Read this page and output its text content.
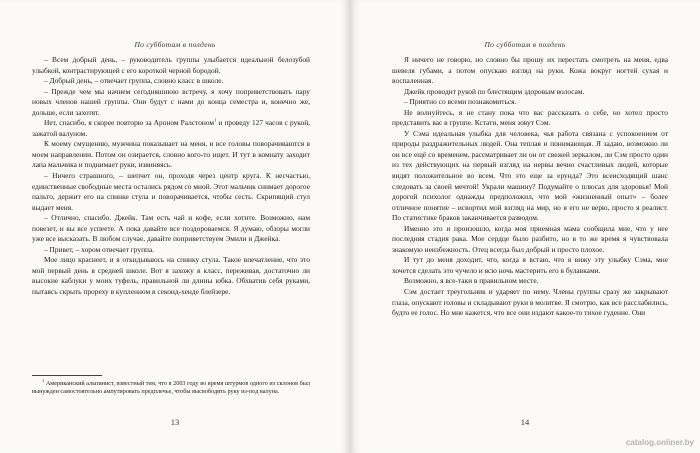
По субботам в полдень

– Всем добрый день, – руководитель группы улыбается идеальной белозубой улыбкой, контрастирующей с его короткой черной бородой.

– Добрый день, – отвечает группа, словно класс в школе.

– Прежде чем мы начнем сегодняшнюю встречу, я хочу поприветствовать пару новых членов нашей группы. Они будут с нами до конца семестра и, конечно же, дольше, если захотят.

Нет, спасибо, я скорее повторю за Ароном Ралстоном$^1$ и проведу 127 часов с рукой, зажатой валуном.

К моему смущению, мужчина показывает на меня, и все головы поворачиваются в моем направлении. Потом он озирается, словно кого-то ищет. И тут в комнату заходит лапа мальчика и поднимает руки, извиняясь.

– Ничего страшного, – шепчет он, проходя через центр круга. К несчастью, единственные свободные места остались рядом со мной. Этот мальчик снимает дорогое пальто, держит его на спинке стула и поворачивается, чтобы сесть. Скрипящий стул выдает меня.

– Отлично, спасибо. Джейк. Там есть чай и кофе, если хотите. Возможно, нам повезет, и вы все успеете. А пока давайте все поздороваемся. Я думаю, обзоры могли уже все высказать. В любом случае, давайте поприветствуем Эмили и Джейка.

– Привет, – хором отвечает группа.

Мое лицо краснеет, и я откидываюсь на спинку стула. Такое впечатление, что это мой первый день в средней школе. Вот я захожу в класс, переживая, достаточно ли высокие каблуки у моих туфель, правильной ли длины юбка. Обхватив себя руками, пытаясь скрыть прореху в купленном в секонд-хенде блейзере.

$^1$ Американский альпинист, известный тем, что в 2003 году во время штурмов одного из склонов был вынужден самостоятельно ампутировать предплечье, чтобы высвободить руку из-под валуна.
13
По субботам в полдень

Я ничего не говорю, но словно бы прошу их перестать смотреть на меня, едва шевеля губами, а потом опускаю взгляд на руки. Кожа вокруг ногтей сухая и воспаленная.

Джейк проводит рукой по блестящим здоровым волосам.

– Приятно со всеми познакомиться.

Не волнуйтесь, я не стану пока что вас рассказать о себе, но хотел просто представить вас в группе. Кстати, меня зовут Сэм.

У Сэма идеальная улыбка для человека, чья работа связана с успокоением от природы раздражительных людей. Она теплая и понимающая. Я задаю, возможно ли он все ещё со временем, рассматривает ли он от свежей зеркалом, ли Сэм просто один из тех действующих на первый взгляд на нервы вечно счастливых людей, которые видят положительное во всем. Что это еще за ерунда? Это всеисходящий шанс следовать за своей мечтой! Украли машину? Подумайте о плюсах для здоровья! Мой дорогой психолог однажды предположил, что мой «жизненный опыт» – более отличное понятие – исвортил мой взгляд на мир, но я его не верю, просто я реалист. По статистике браков заканчивается разводом.

Именно это и произошло, когда моя приемная мама сообщила мне, что у нее последняя стадия рака. Мое сердце было разбито, но в то же время я чувствовала знакомую неизбежность. Отец всегда был добрый и просто плохое.

И тут до меня доходит, что, когда я встаю, что я вижу эту улыбку Сэма, мне хочется сделать это чучело и всю ночь мастерить его в булавками.

Возможно, я все-таки в правильном месте.

Сэм достает треугольник и ударяет по нему. Члены группы сразу же закрывают глаза, опускают головы и складывают руки в молитве. Я смотрю, как все расслабились, будто ее голос. Но мне кажется, что все они издают какое-то тихое гудение. Они

14
catalog.onliner.by
